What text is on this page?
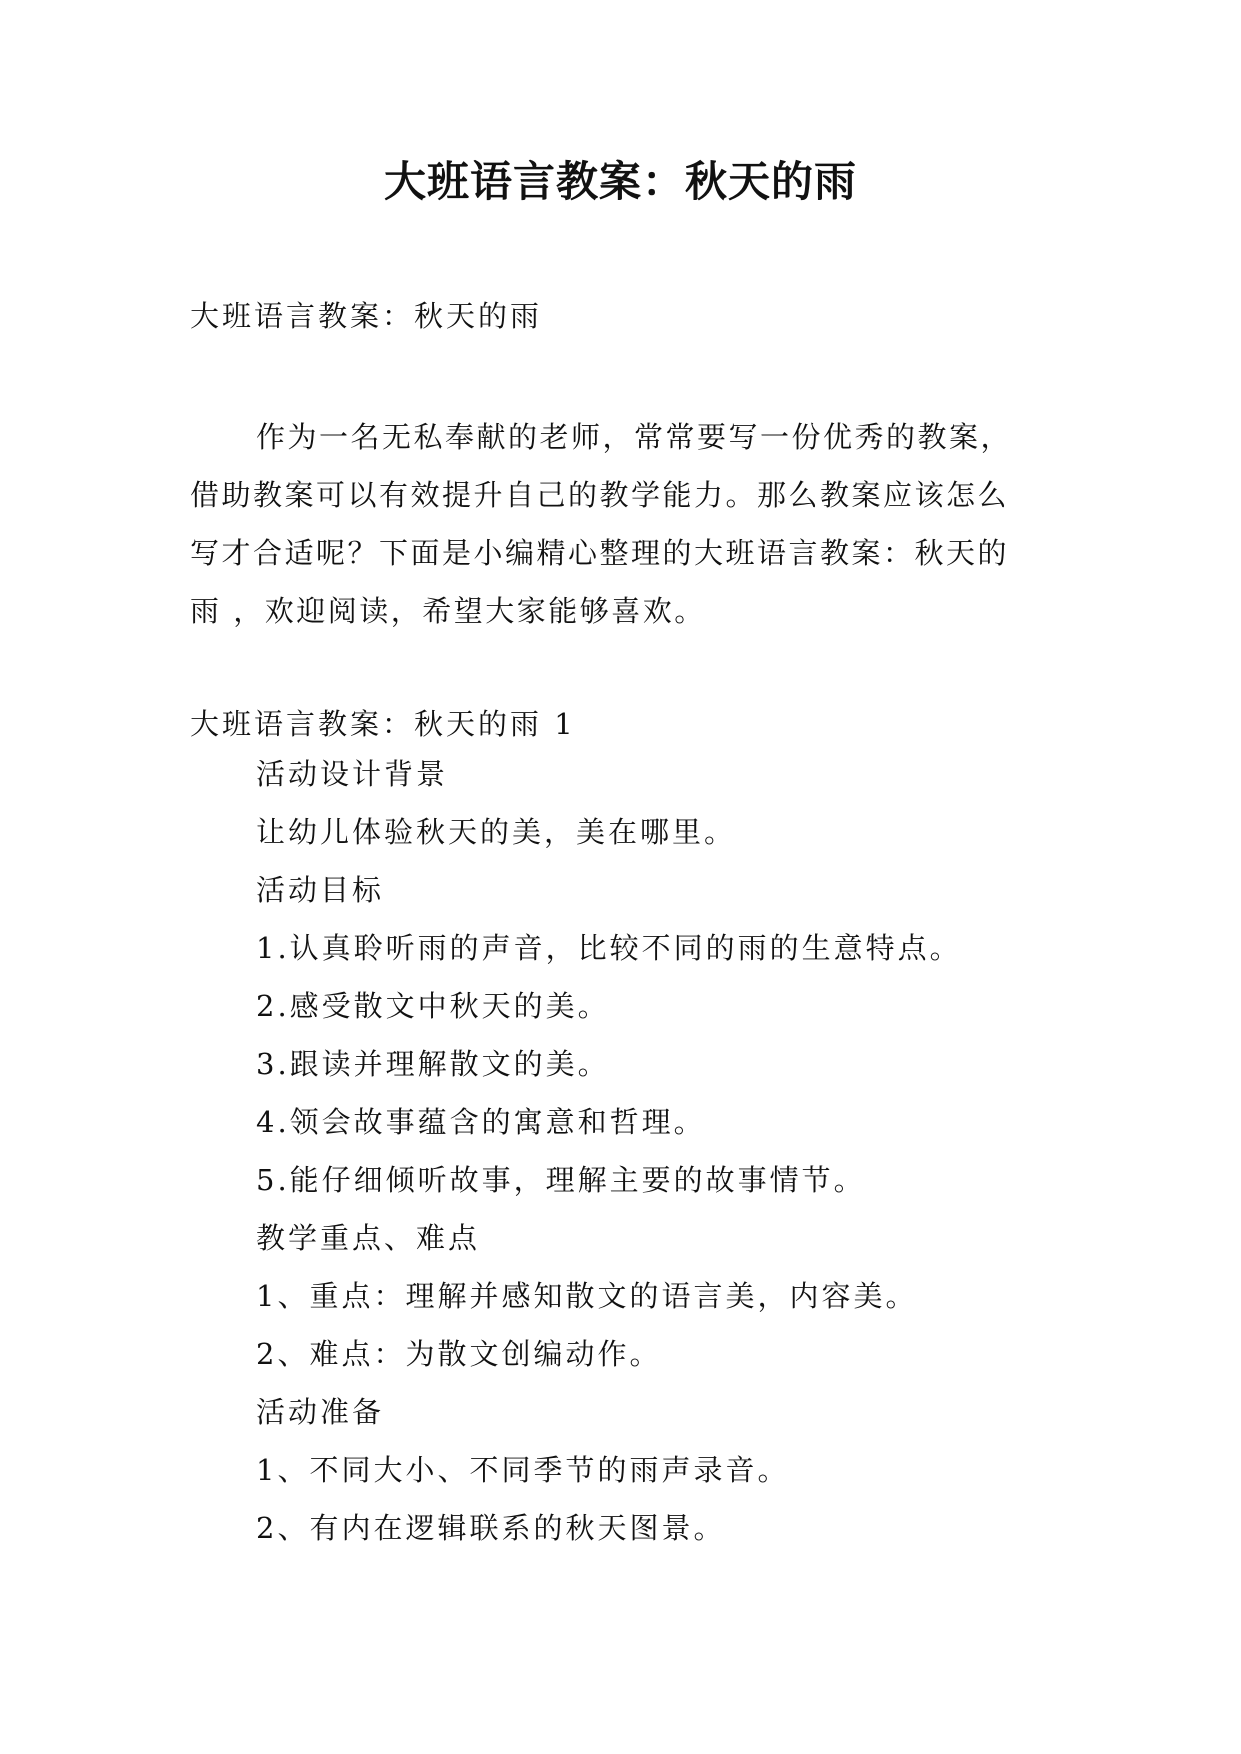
大班语言教案：秋天的雨

大班语言教案：秋天的雨

作为一名无私奉献的老师，常常要写一份优秀的教案，
借助教案可以有效提升自己的教学能力。那么教案应该怎么
写才合适呢？下面是小编精心整理的大班语言教案：秋天的
雨 ，欢迎阅读，希望大家能够喜欢。

大班语言教案：秋天的雨 1

活动设计背景
让幼儿体验秋天的美，美在哪里。
活动目标
1.认真聆听雨的声音，比较不同的雨的生意特点。
2.感受散文中秋天的美。
3.跟读并理解散文的美。
4.领会故事蕴含的寓意和哲理。
5.能仔细倾听故事，理解主要的故事情节。
教学重点、难点
1、重点：理解并感知散文的语言美，内容美。
2、难点：为散文创编动作。
活动准备
1、不同大小、不同季节的雨声录音。
2、有内在逻辑联系的秋天图景。
